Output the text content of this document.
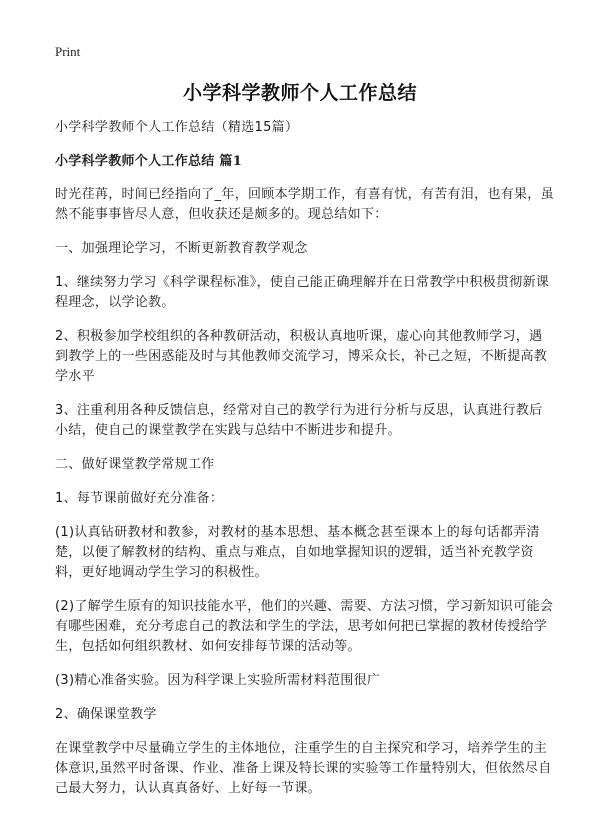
Print
小学科学教师个人工作总结

小学科学教师个人工作总结（精选15篇）

小学科学教师个人工作总结 篇1

时光荏苒，时间已经指向了_年，回顾本学期工作，有喜有忧，有苦有泪，也有果，虽然不能事事皆尽人意，但收获还是颇多的。现总结如下：

一、加强理论学习，不断更新教育教学观念

1、继续努力学习《科学课程标准》，使自己能正确理解并在日常教学中积极贯彻新课程理念，以学论教。

2、积极参加学校组织的各种教研活动，积极认真地听课，虚心向其他教师学习，遇到教学上的一些困惑能及时与其他教师交流学习，博采众长，补己之短，不断提高教学水平

3、注重利用各种反馈信息，经常对自己的教学行为进行分析与反思，认真进行教后小结，使自己的课堂教学在实践与总结中不断进步和提升。

二、做好课堂教学常规工作

1、每节课前做好充分准备：

(1)认真钻研教材和教参，对教材的基本思想、基本概念甚至课本上的每句话都弄清楚，以便了解教材的结构、重点与难点，自如地掌握知识的逻辑，适当补充教学资料，更好地调动学生学习的积极性。

(2)了解学生原有的知识技能水平，他们的兴趣、需要、方法习惯，学习新知识可能会有哪些困难，充分考虑自己的教法和学生的学法，思考如何把已掌握的教材传授给学生，包括如何组织教材、如何安排每节课的活动等。

(3)精心准备实验。因为科学课上实验所需材料范围很广

2、确保课堂教学

在课堂教学中尽量确立学生的主体地位，注重学生的自主探究和学习，培养学生的主体意识,虽然平时备课、作业、准备上课及特长课的实验等工作量特别大，但依然尽自己最大努力，认认真真备好、上好每一节课。
